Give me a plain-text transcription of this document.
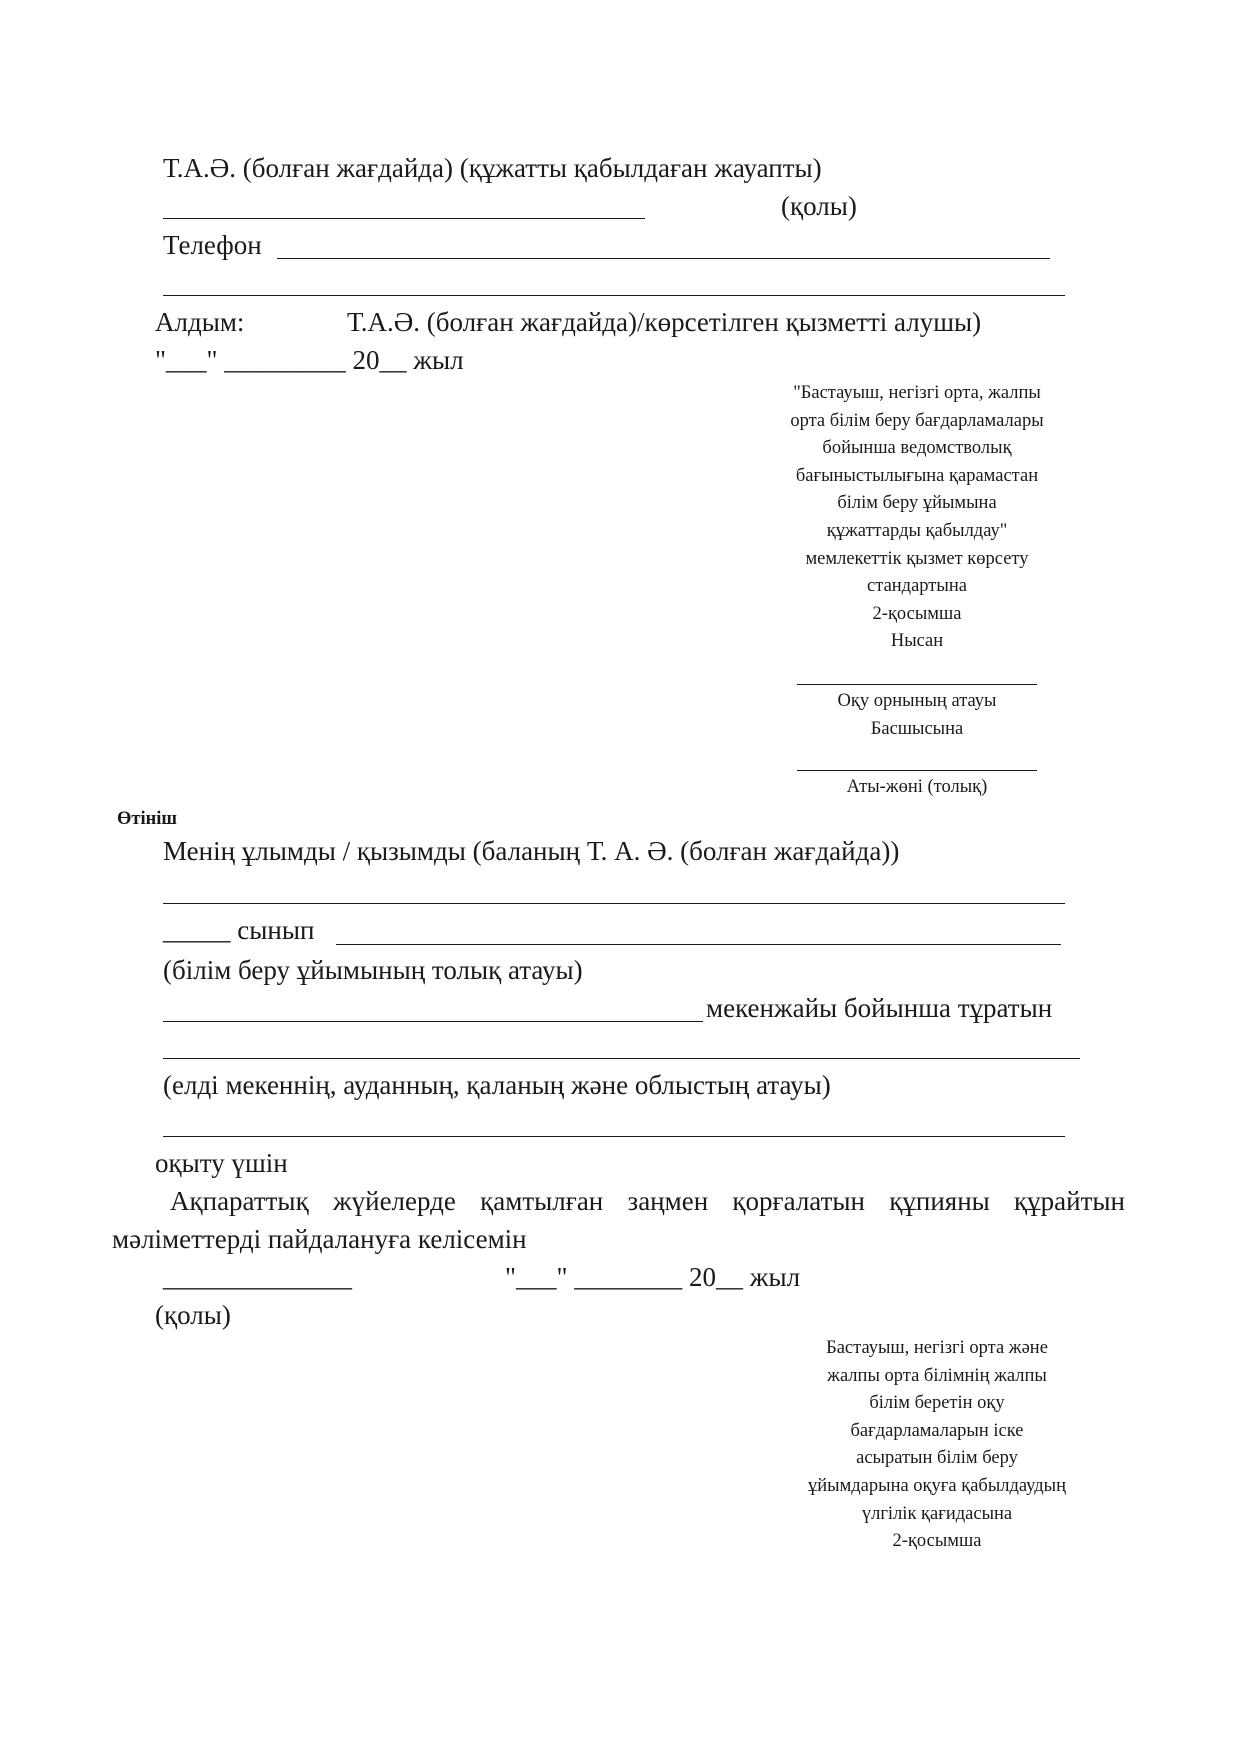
Т.А.Ә. (болған жағдайда) (құжатты қабылдаған жауапты)
(қолы)
Телефон
Алдым:	Т.А.Ә. (болған жағдайда)/көрсетілген қызметті алушы)
"___" _________ 20__ жыл
"Бастауыш, негізгі орта, жалпы
орта білім беру бағдарламалары
бойынша ведомстволық
бағыныстылығына қарамастан
білім беру ұйымына
құжаттарды қабылдау"
мемлекеттік қызмет көрсету
стандартына
2-қосымша
Нысан
Оқу орнының атауы
Басшысына
Аты-жөні (толық)
Өтініш
Менің ұлымды / қызымды (баланың Т. А. Ә. (болған жағдайда))
_____ сынып
(білім беру ұйымының толық атауы)
мекенжайы бойынша тұратын
(елді мекеннің, ауданның, қаланың және облыстың атауы)
оқыту үшін
Ақпараттық жүйелерде қамтылған заңмен қорғалатын құпияны құрайтын
мәліметтерді пайдалануға келісемін
______________	"___" ________ 20__ жыл
(қолы)
Бастауыш, негізгі орта және
жалпы орта білімнің жалпы
білім беретін оқу
бағдарламаларын іске
асыратын білім беру
ұйымдарына оқуға қабылдаудың
үлгілік қағидасына
2-қосымша
